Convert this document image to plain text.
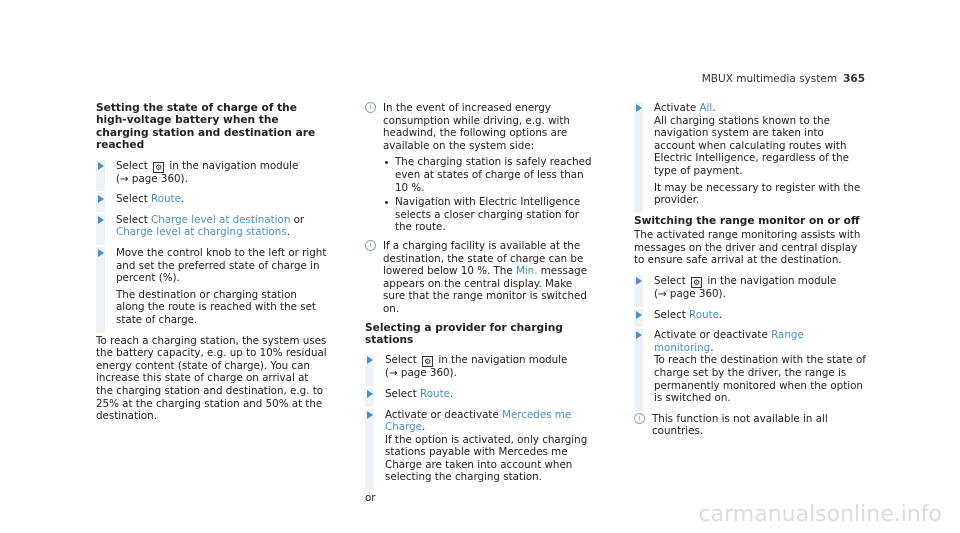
MBUX multimedia system 365
Setting the state of charge of the high-voltage battery when the charging station and destination are reached
Select ⚙ in the navigation module
(→ page 360).
Select Route.
Select Charge level at destination or Charge level at charging stations.

Move the control knob to the left or right and set the preferred state of charge in percent (%).

The destination or charging station along the route is reached with the set state of charge.

To reach a charging station, the system uses the battery capacity, e.g. up to 10% residual energy content (state of charge). You can increase this state of charge on arrival at the charging station and destination, e.g. to 25% at the charging station and 50% at the destination.

i	In the event of increased energy consumption while driving, e.g. with headwind, the following options are available on the system side:

The charging station is safely reached even at states of charge of less than 10 %.
Navigation with Electric Intelligence selects a closer charging station for the route.
i	If a charging facility is available at the destination, the state of charge can be lowered below 10 %. The Min. message appears on the central display. Make sure that the range monitor is switched on.
Selecting a provider for charging stations
Select ⚙ in the navigation module
(→ page 360).
Select Route.
Activate or deactivate Mercedes me Charge.

If the option is activated, only charging stations payable with Mercedes me Charge are taken into account when selecting the charging station.

or

Activate All.

All charging stations known to the navigation system are taken into account when calculating routes with Electric Intelligence, regardless of the type of payment.

It may be necessary to register with the provider.

Switching the range monitor on or off

The activated range monitoring assists with messages on the driver and central display to ensure safe arrival at the destination.

Select ⚙ in the navigation module
(→ page 360).
Select Route.
Activate or deactivate Range monitoring.

To reach the destination with the state of charge set by the driver, the range is permanently monitored when the option is switched on.

i	This function is not available in all countries.
carmanualsonline.info
